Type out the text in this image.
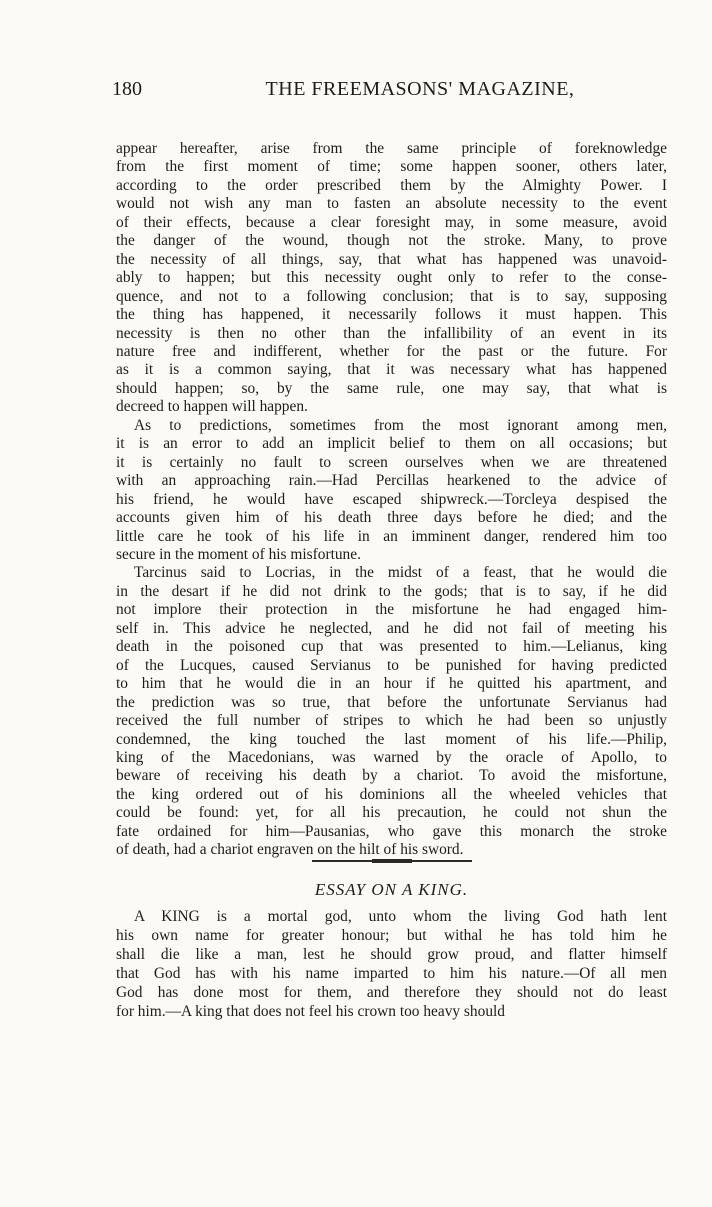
180	THE FREEMASONS' MAGAZINE,

appear hereafter, arise from the same principle of foreknowledge
from the first moment of time; some happen sooner, others later,
according to the order prescribed them by the Almighty Power. I
would not wish any man to fasten an absolute necessity to the event
of their effects, because a clear foresight may, in some measure, avoid
the danger of the wound, though not the stroke. Many, to prove
the necessity of all things, say, that what has happened was unavoid-
ably to happen; but this necessity ought only to refer to the conse-
quence, and not to a following conclusion; that is to say, supposing
the thing has happened, it necessarily follows it must happen. This
necessity is then no other than the infallibility of an event in its
nature free and indifferent, whether for the past or the future. For
as it is a common saying, that it was necessary what has happened
should happen; so, by the same rule, one may say, that what is
decreed to happen will happen.

As to predictions, sometimes from the most ignorant among men,
it is an error to add an implicit belief to them on all occasions; but
it is certainly no fault to screen ourselves when we are threatened
with an approaching rain.—Had Percillas hearkened to the advice of
his friend, he would have escaped shipwreck.—Torcleya despised the
accounts given him of his death three days before he died; and the
little care he took of his life in an imminent danger, rendered him too
secure in the moment of his misfortune.

Tarcinus said to Locrias, in the midst of a feast, that he would die
in the desart if he did not drink to the gods; that is to say, if he did
not implore their protection in the misfortune he had engaged him-
self in. This advice he neglected, and he did not fail of meeting his
death in the poisoned cup that was presented to him.—Lelianus, king
of the Lucques, caused Servianus to be punished for having predicted
to him that he would die in an hour if he quitted his apartment, and
the prediction was so true, that before the unfortunate Servianus had
received the full number of stripes to which he had been so unjustly
condemned, the king touched the last moment of his life.—Philip,
king of the Macedonians, was warned by the oracle of Apollo, to
beware of receiving his death by a chariot. To avoid the misfortune,
the king ordered out of his dominions all the wheeled vehicles that
could be found: yet, for all his precaution, he could not shun the
fate ordained for him—Pausanias, who gave this monarch the stroke
of death, had a chariot engraven on the hilt of his sword.

ESSAY ON A KING.
A KING is a mortal god, unto whom the living God hath lent
his own name for greater honour; but withal he has told him he
shall die like a man, lest he should grow proud, and flatter himself
that God has with his name imparted to him his nature.—Of all men
God has done most for them, and therefore they should not do least
for him.—A king that does not feel his crown too heavy should
